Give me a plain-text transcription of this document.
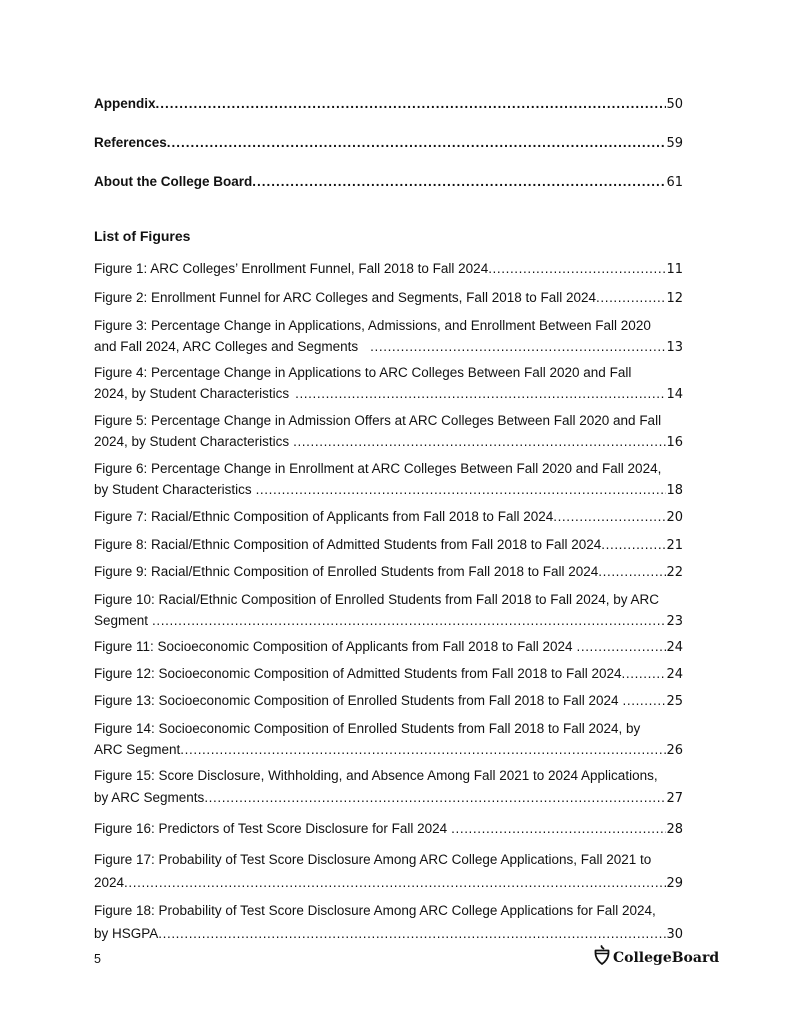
Appendix .....	50
References .....	59
About the College Board .....	61
List of Figures
Figure 1: ARC Colleges’ Enrollment Funnel, Fall 2018 to Fall 2024 .....	11
Figure 2: Enrollment Funnel for ARC Colleges and Segments, Fall 2018 to Fall 2024 .....	12
Figure 3: Percentage Change in Applications, Admissions, and Enrollment Between Fall 2020
and Fall 2024, ARC Colleges and Segments .....	13
Figure 4: Percentage Change in Applications to ARC Colleges Between Fall 2020 and Fall
2024, by Student Characteristics .....	14
Figure 5: Percentage Change in Admission Offers at ARC Colleges Between Fall 2020 and Fall
2024, by Student Characteristics .....	16
Figure 6: Percentage Change in Enrollment at ARC Colleges Between Fall 2020 and Fall 2024,
by Student Characteristics .....	18
Figure 7: Racial/Ethnic Composition of Applicants from Fall 2018 to Fall 2024 .....	20
Figure 8: Racial/Ethnic Composition of Admitted Students from Fall 2018 to Fall 2024 .....	21
Figure 9: Racial/Ethnic Composition of Enrolled Students from Fall 2018 to Fall 2024 .....	22
Figure 10: Racial/Ethnic Composition of Enrolled Students from Fall 2018 to Fall 2024, by ARC
Segment .....	23
Figure 11: Socioeconomic Composition of Applicants from Fall 2018 to Fall 2024 .....	24
Figure 12: Socioeconomic Composition of Admitted Students from Fall 2018 to Fall 2024 .....	24
Figure 13: Socioeconomic Composition of Enrolled Students from Fall 2018 to Fall 2024 .....	25
Figure 14: Socioeconomic Composition of Enrolled Students from Fall 2018 to Fall 2024, by
ARC Segment .....	26
Figure 15: Score Disclosure, Withholding, and Absence Among Fall 2021 to 2024 Applications,
by ARC Segments .....	27
Figure 16: Predictors of Test Score Disclosure for Fall 2024 .....	28
Figure 17: Probability of Test Score Disclosure Among ARC College Applications, Fall 2021 to
2024 .....	29
Figure 18: Probability of Test Score Disclosure Among ARC College Applications for Fall 2024,
by HSGPA .....	30
5	CollegeBoard
